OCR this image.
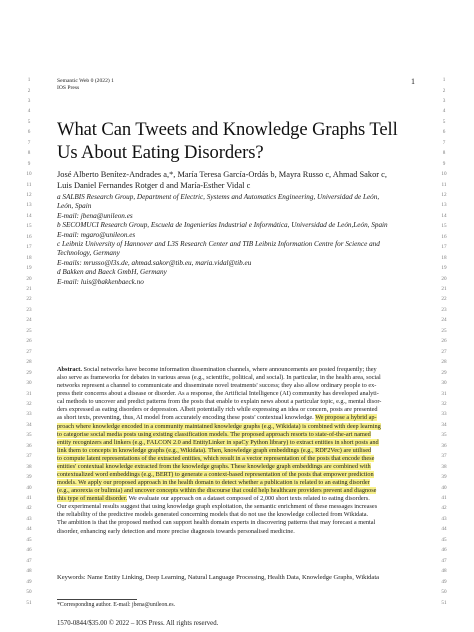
Semantic Web 0 (2022) 1
IOS Press
1
1
2
3
4
5
6
7
8
9
10
11
12
13
14
15
16
17
18
19
20
21
22
23
24
25
26
27
28
29
30
31
32
33
34
35
36
37
38
39
40
41
42
43
44
45
46
47
48
49
50
51
1
2
3
4
5
6
7
8
9
10
11
12
13
14
15
16
17
18
19
20
21
22
23
24
25
26
27
28
29
30
31
32
33
34
35
36
37
38
39
40
41
42
43
44
45
46
47
48
49
50
51
What Can Tweets and Knowledge Graphs Tell
Us About Eating Disorders?
José Alberto Benítez-Andrades a,*, María Teresa García-Ordás b, Mayra Russo c, Ahmad Sakor c,
Luis Daniel Fernandes Rotger d and María-Esther Vidal c
a SALBIS Research Group, Department of Electric, Systems and Automatics Engineering, Universidad de León,
León, Spain
E-mail: jbena@unileon.es
b SECOMUCI Research Group, Escuela de Ingenierías Industrial e Informática, Universidad de León,León, Spain
E-mail: mgaro@unileon.es
c Leibniz University of Hannover and L3S Research Center and TIB Leibniz Information Centre for Science and
Technology, Germany
E-mails: mrusso@l3s.de, ahmad.sakor@tib.eu, maria.vidal@tib.eu
d Bakken and Baeck GmbH, Germany
E-mail: luis@bakkenbaeck.no
Abstract. Social networks have become information dissemination channels, where announcements are posted frequently; they
also serve as frameworks for debates in various areas (e.g., scientific, political, and social). In particular, in the health area, social
networks represent a channel to communicate and disseminate novel treatments' success; they also allow ordinary people to ex-
press their concerns about a disease or disorder. As a response, the Artificial Intelligence (AI) community has developed analyti-
cal methods to uncover and predict patterns from the posts that enable to explain news about a particular topic, e.g., mental disor-
ders expressed as eating disorders or depression. Albeit potentially rich while expressing an idea or concern, posts are presented
as short texts, preventing, thus, AI model from accurately encoding these posts' contextual knowledge. We propose a hybrid ap-
proach where knowledge encoded in a community maintained knowledge graphs (e.g., Wikidata) is combined with deep learning
to categorise social media posts using existing classification models. The proposed approach resorts to state-of-the-art named
entity recognizers and linkers (e.g., FALCON 2.0 and EntityLinker in spaCy Python library) to extract entities in short posts and
link them to concepts in knowledge graphs (e.g., Wikidata). Then, knowledge graph embeddings (e.g., RDF2Vec) are utilised
to compute latent representations of the extracted entities, which result in a vector representation of the posts that encode these
entities' contextual knowledge extracted from the knowledge graphs. These knowledge graph embeddings are combined with
contextualized word embeddings (e.g., BERT) to generate a context-based representation of the posts that empower prediction
models. We apply our proposed approach in the health domain to detect whether a publication is related to an eating disorder
(e.g., anorexia or bulimia) and uncover concepts within the discourse that could help healthcare providers prevent and diagnose
this type of mental disorder. We evaluate our approach on a dataset composed of 2,000 short texts related to eating disorders.
Our experimental results suggest that using knowledge graph exploitation, the semantic enrichment of these messages increases
the reliability of the predictive models generated concerning models that do not use the knowledge collected from Wikidata.
The ambition is that the proposed method can support health domain experts in discovering patterns that may forecast a mental
disorder, enhancing early detection and more precise diagnosis towards personalised medicine.
Keywords: Name Entity Linking, Deep Learning, Natural Language Processing, Health Data, Knowledge Graphs, Wikidata
*Corresponding author. E-mail: jbena@unileon.es.
1570-0844/$35.00 © 2022 – IOS Press. All rights reserved.
